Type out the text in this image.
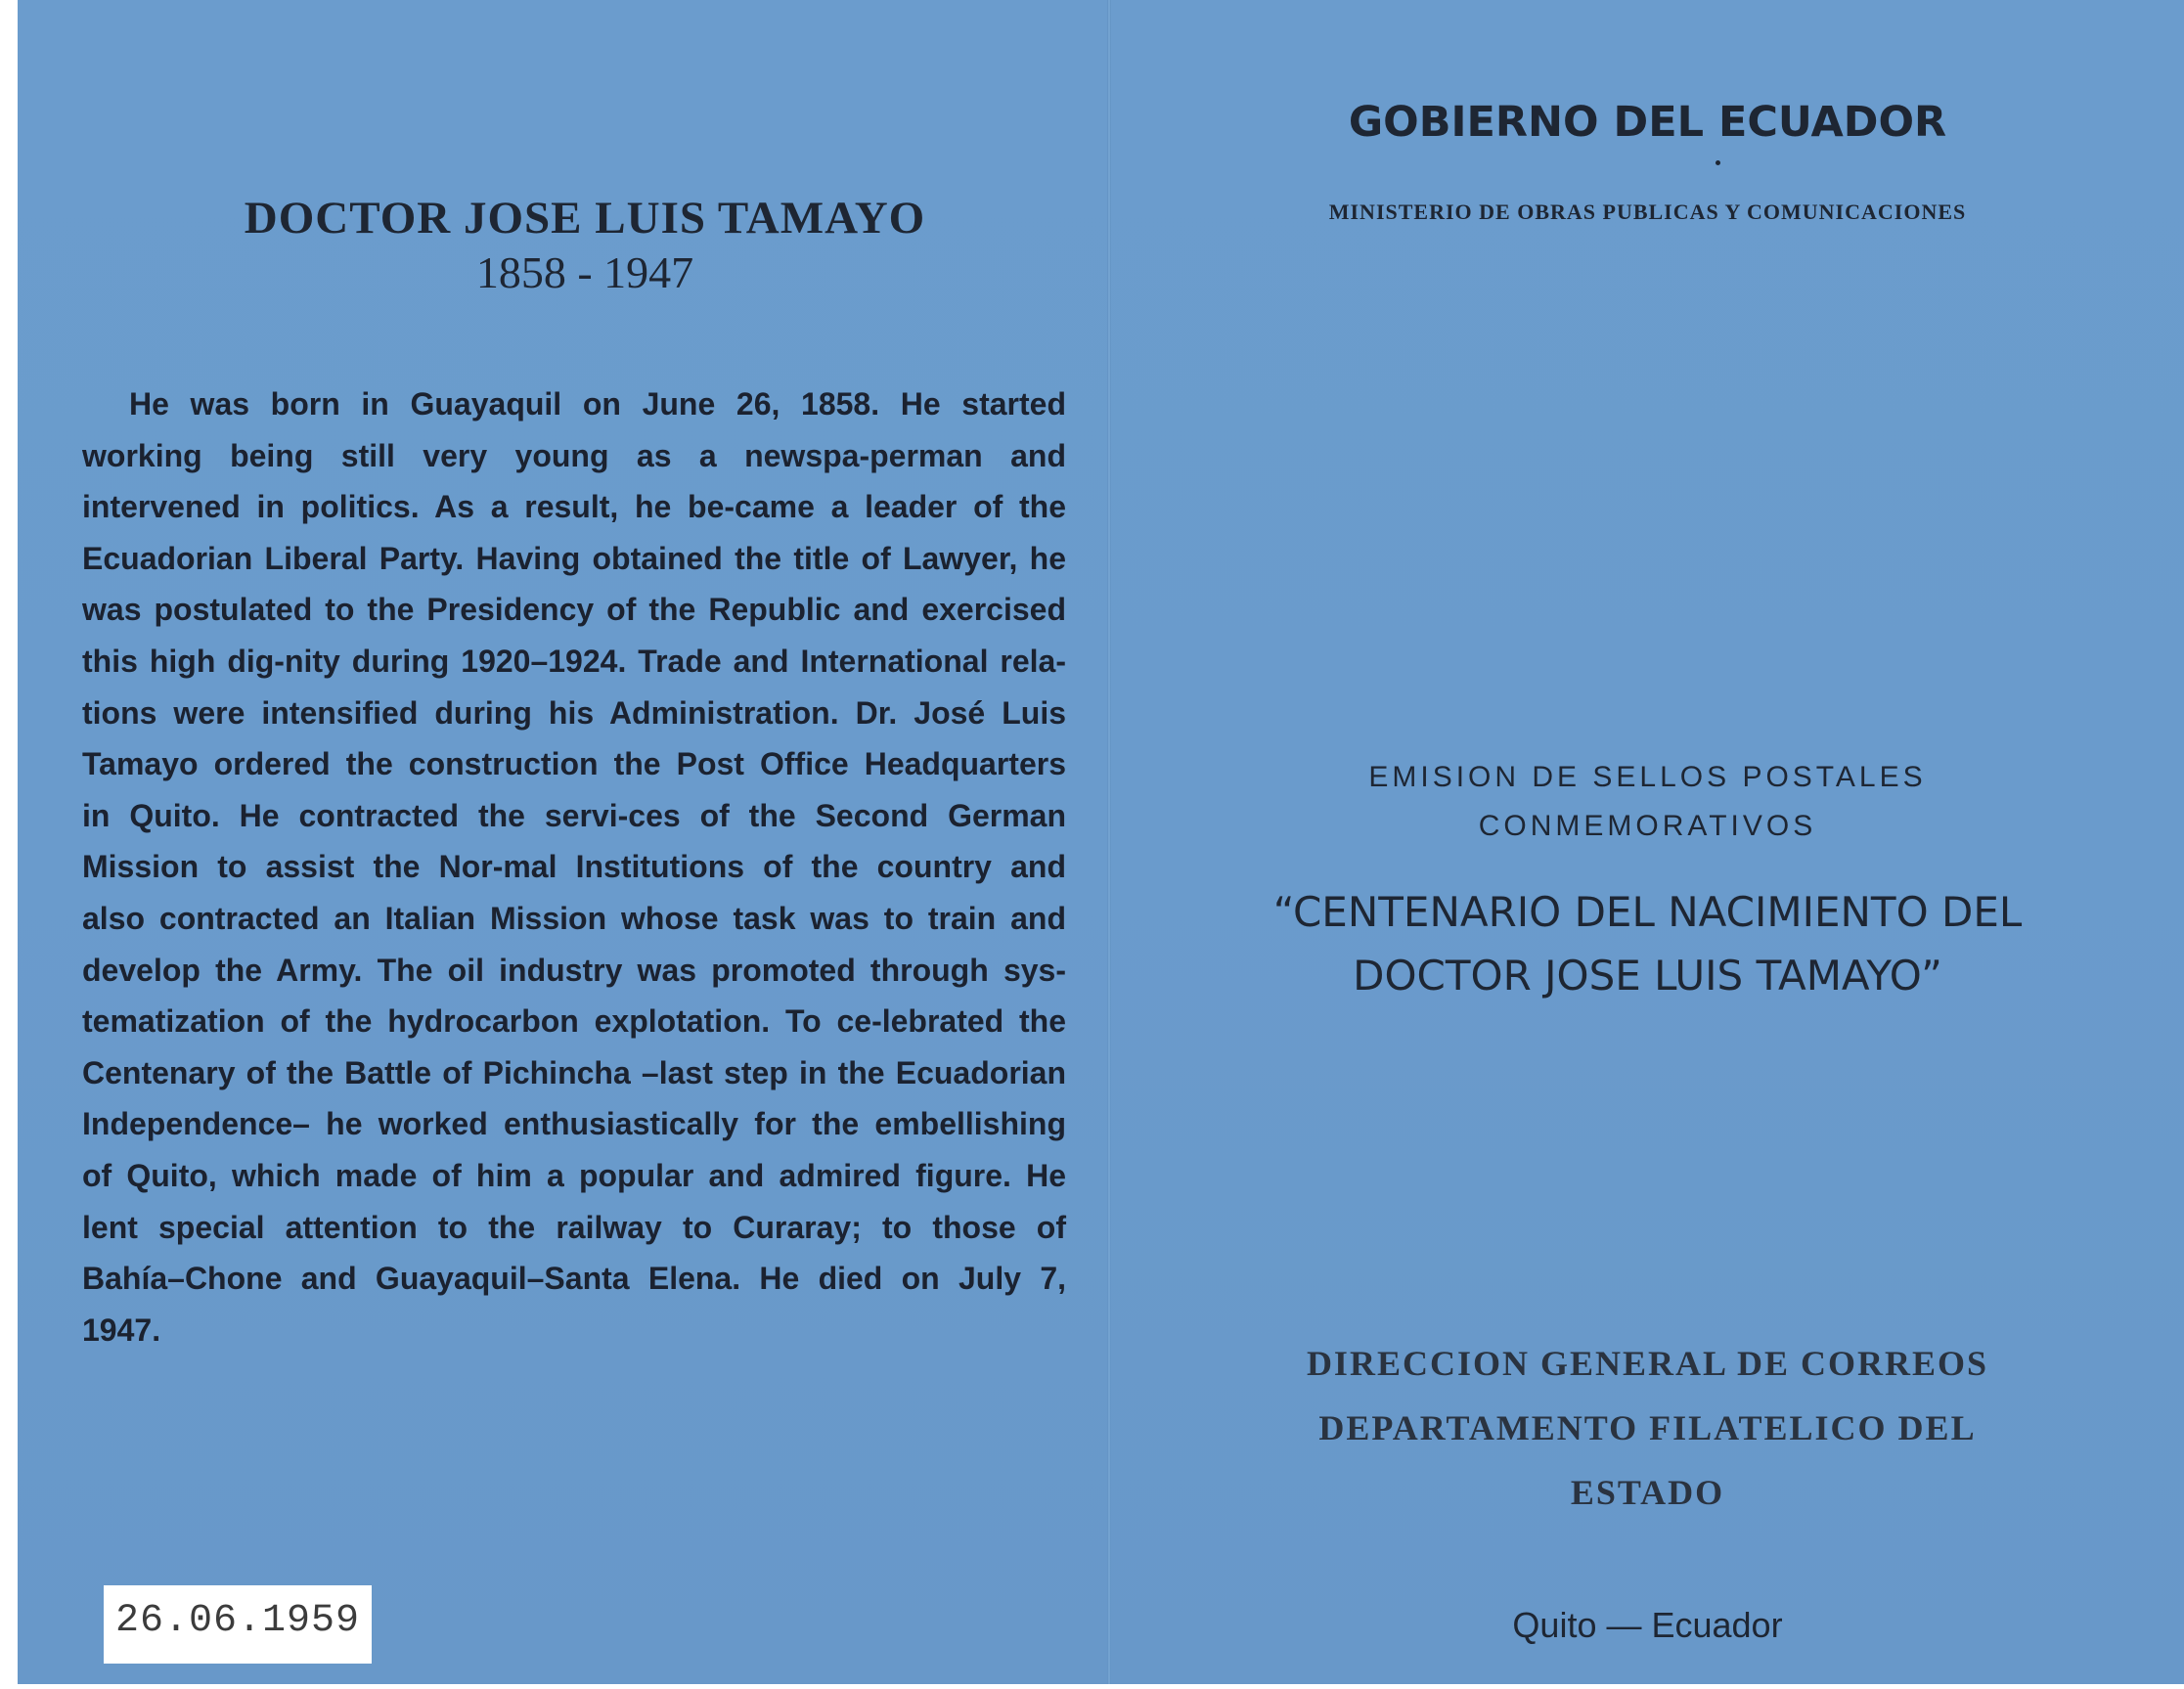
DOCTOR JOSE LUIS TAMAYO
1858 - 1947

He was born in Guayaquil on June 26, 1858. He started working being still very young as a newspa‐perman and intervened in politics. As a result, he be‐came a leader of the Ecuadorian Liberal Party. Having obtained the title of Lawyer, he was postulated to the Presidency of the Republic and exercised this high dig‐nity during 1920–1924. Trade and International rela‐tions were intensified during his Administration. Dr. José Luis Tamayo ordered the construction the Post Office Headquarters in Quito. He contracted the servi‐ces of the Second German Mission to assist the Nor‐mal Institutions of the country and also contracted an Italian Mission whose task was to train and develop the Army. The oil industry was promoted through sys‐tematization of the hydrocarbon explotation. To ce‐lebrated the Centenary of the Battle of Pichincha –last step in the Ecuadorian Independence– he worked enthusiastically for the embellishing of Quito, which made of him a popular and admired figure. He lent special attention to the railway to Curaray; to those of Bahía–Chone and Guayaquil–Santa Elena. He died on July 7, 1947.

26.06.1959
GOBIERNO DEL ECUADOR
MINISTERIO DE OBRAS PUBLICAS Y COMUNICACIONES
EMISION DE SELLOS POSTALES
CONMEMORATIVOS
“CENTENARIO DEL NACIMIENTO DEL
DOCTOR JOSE LUIS TAMAYO”
DIRECCION GENERAL DE CORREOS
DEPARTAMENTO FILATELICO DEL
ESTADO
Quito — Ecuador
